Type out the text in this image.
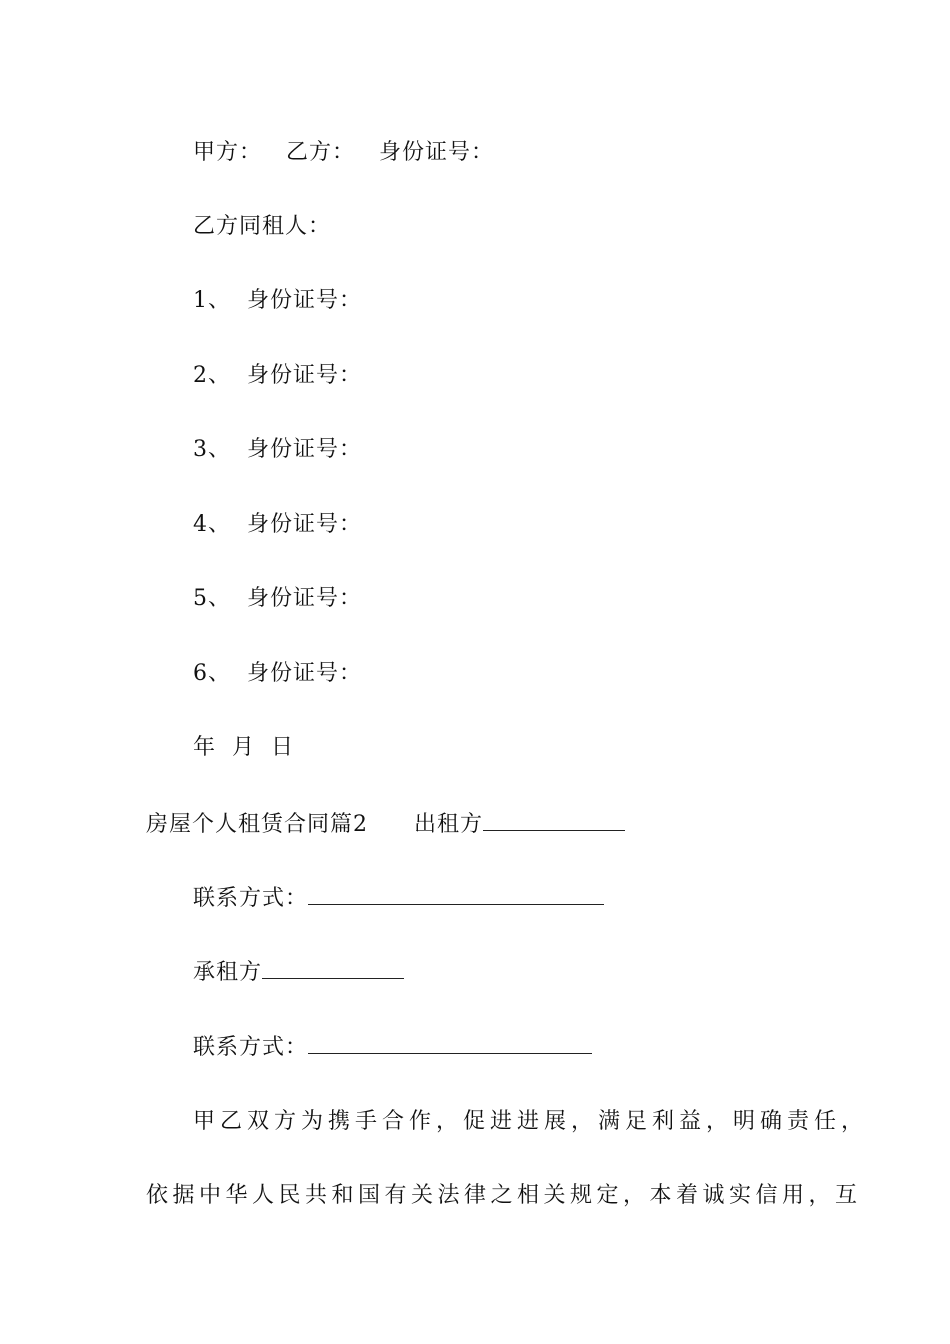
甲方： 乙方： 身份证号：
乙方同租人：
1、 身份证号：
2、 身份证号：
3、 身份证号：
4、 身份证号：
5、 身份证号：
6、 身份证号：
年 月 日
房屋个人租赁合同篇2 出租方
联系方式：
承租方
联系方式：
甲乙双方为携手合作，促进进展，满足利益，明确责任，
依据中华人民共和国有关法律之相关规定，本着诚实信用，互
